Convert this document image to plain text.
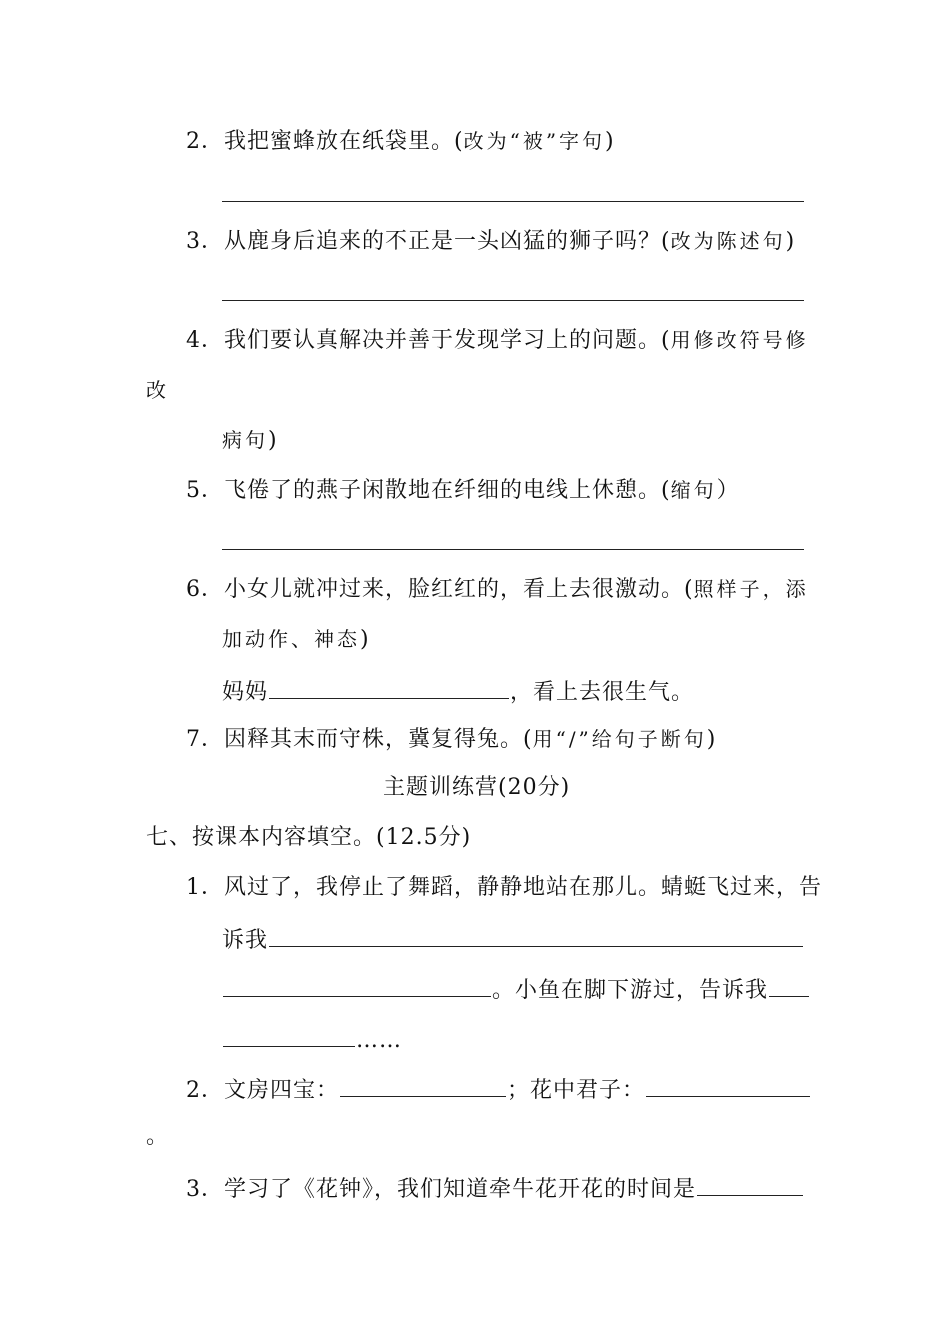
2．我把蜜蜂放在纸袋里。(改为“被”字句)
3．从鹿身后追来的不正是一头凶猛的狮子吗？(改为陈述句)
4．我们要认真解决并善于发现学习上的问题。(用修改符号修
改
病句)
5．飞倦了的燕子闲散地在纤细的电线上休憩。(缩句）
6．小女儿就冲过来，脸红红的，看上去很激动。(照样子，添
加动作、神态)
妈妈	，看上去很生气。
7．因释其末而守株，冀复得兔。(用“/”给句子断句)
主题训练营(20分)
七、按课本内容填空。(12.5分)
1．风过了，我停止了舞蹈，静静地站在那儿。蜻蜓飞过来，告
诉我
。小鱼在脚下游过，告诉我
……
2．文房四宝：	；花中君子：
。
3．学习了《花钟》，我们知道牵牛花开花的时间是
